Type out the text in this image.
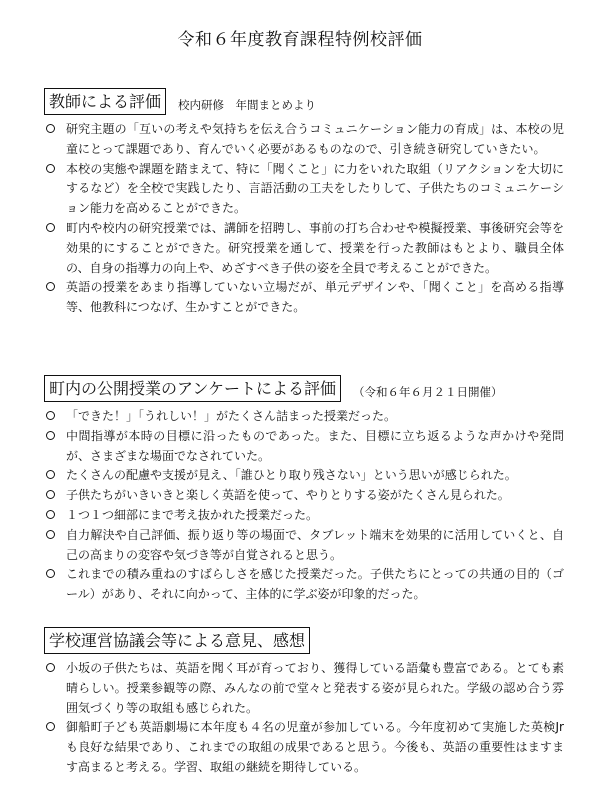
令和６年度教育課程特例校評価
教師による評価	校内研修　年間まとめより
研究主題の「互いの考えや気持ちを伝え合うコミュニケーション能力の育成」は、本校の児童にとって課題であり、育んでいく必要があるものなので、引き続き研究していきたい。
本校の実態や課題を踏まえて、特に「聞くこと」に力をいれた取組（リアクションを大切にするなど）を全校で実践したり、言語活動の工夫をしたりして、子供たちのコミュニケーション能力を高めることができた。
町内や校内の研究授業では、講師を招聘し、事前の打ち合わせや模擬授業、事後研究会等を効果的にすることができた。研究授業を通して、授業を行った教師はもとより、職員全体の、自身の指導力の向上や、めざすべき子供の姿を全員で考えることができた。
英語の授業をあまり指導していない立場だが、単元デザインや、「聞くこと」を高める指導等、他教科につなげ、生かすことができた。
町内の公開授業のアンケートによる評価	（令和６年６月２１日開催）
「できた！」「うれしい！」がたくさん詰まった授業だった。
中間指導が本時の目標に沿ったものであった。また、目標に立ち返るような声かけや発問が、さまざまな場面でなされていた。
たくさんの配慮や支援が見え、「誰ひとり取り残さない」という思いが感じられた。
子供たちがいきいきと楽しく英語を使って、やりとりする姿がたくさん見られた。
１つ１つ細部にまで考え抜かれた授業だった。
自力解決や自己評価、振り返り等の場面で、タブレット端末を効果的に活用していくと、自己の高まりの変容や気づき等が自覚されると思う。
これまでの積み重ねのすばらしさを感じた授業だった。子供たちにとっての共通の目的（ゴール）があり、それに向かって、主体的に学ぶ姿が印象的だった。
学校運営協議会等による意見、感想
小坂の子供たちは、英語を聞く耳が育っており、獲得している語彙も豊富である。とても素晴らしい。授業参観等の際、みんなの前で堂々と発表する姿が見られた。学級の認め合う雰囲気づくり等の取組も感じられた。
御船町子ども英語劇場に本年度も４名の児童が参加している。今年度初めて実施した英検Jr も良好な結果であり、これまでの取組の成果であると思う。今後も、英語の重要性はますます高まると考える。学習、取組の継続を期待している。
